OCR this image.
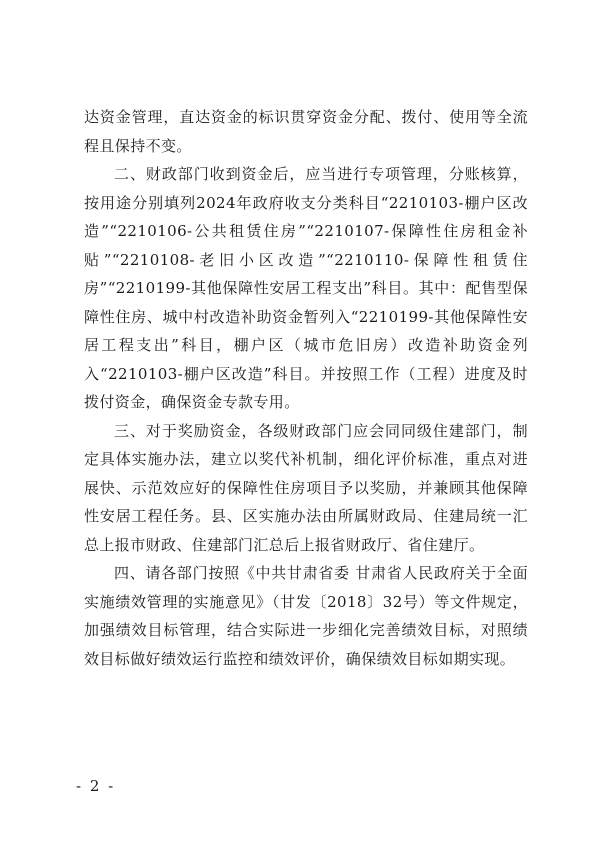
达资金管理，直达资金的标识贯穿资金分配、拨付、使用等全流程且保持不变。

二、财政部门收到资金后，应当进行专项管理，分账核算，按用途分别填列2024年政府收支分类科目“2210103-棚户区改造”“2210106-公共租赁住房”“2210107-保障性住房租金补贴”“2210108-老旧小区改造”“2210110-保障性租赁住房”“2210199-其他保障性安居工程支出”科目。其中：配售型保障性住房、城中村改造补助资金暂列入“2210199-其他保障性安居工程支出”科目，棚户区（城市危旧房）改造补助资金列入“2210103-棚户区改造”科目。并按照工作（工程）进度及时拨付资金，确保资金专款专用。

三、对于奖励资金，各级财政部门应会同同级住建部门，制定具体实施办法，建立以奖代补机制，细化评价标准，重点对进展快、示范效应好的保障性住房项目予以奖励，并兼顾其他保障性安居工程任务。县、区实施办法由所属财政局、住建局统一汇总上报市财政、住建部门汇总后上报省财政厅、省住建厅。

四、请各部门按照《中共甘肃省委 甘肃省人民政府关于全面实施绩效管理的实施意见》（甘发〔2018〕32号）等文件规定，加强绩效目标管理，结合实际进一步细化完善绩效目标，对照绩效目标做好绩效运行监控和绩效评价，确保绩效目标如期实现。

- 2 -
